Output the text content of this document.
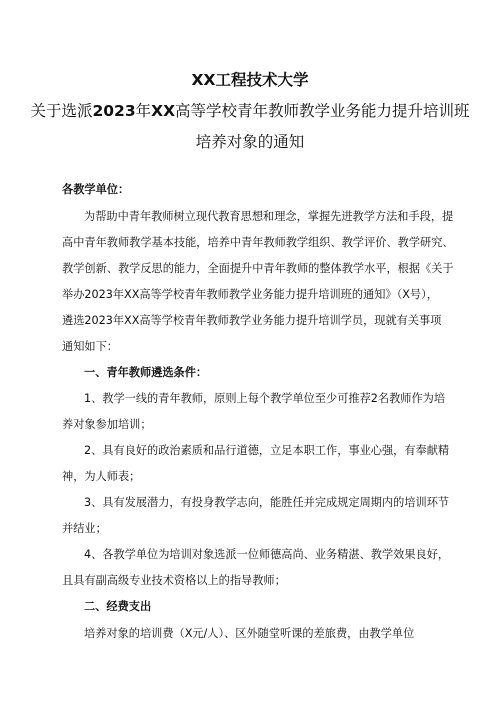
XX工程技术大学
关于选派2023年XX高等学校青年教师教学业务能力提升培训班
培养对象的通知
各教学单位：
为帮助中青年教师树立现代教育思想和理念，掌握先进教学方法和手段，提
高中青年教师教学基本技能，培养中青年教师教学组织、教学评价、教学研究、
教学创新、教学反思的能力，全面提升中青年教师的整体教学水平，根据《关于
举办2023年XX高等学校青年教师教学业务能力提升培训班的通知》（X号），
遴选2023年XX高等学校青年教师教学业务能力提升培训学员，现就有关事项
通知如下：
一、青年教师遴选条件：
1、教学一线的青年教师，原则上每个教学单位至少可推荐2名教师作为培
养对象参加培训；
2、具有良好的政治素质和品行道德，立足本职工作，事业心强，有奉献精
神，为人师表；
3、具有发展潜力，有投身教学志向，能胜任并完成规定周期内的培训环节
并结业；
4、各教学单位为培训对象选派一位师德高尚、业务精湛、教学效果良好，
且具有副高级专业技术资格以上的指导教师；
二、经费支出
培养对象的培训费（X元/人）、区外随堂听课的差旅费，由教学单位
